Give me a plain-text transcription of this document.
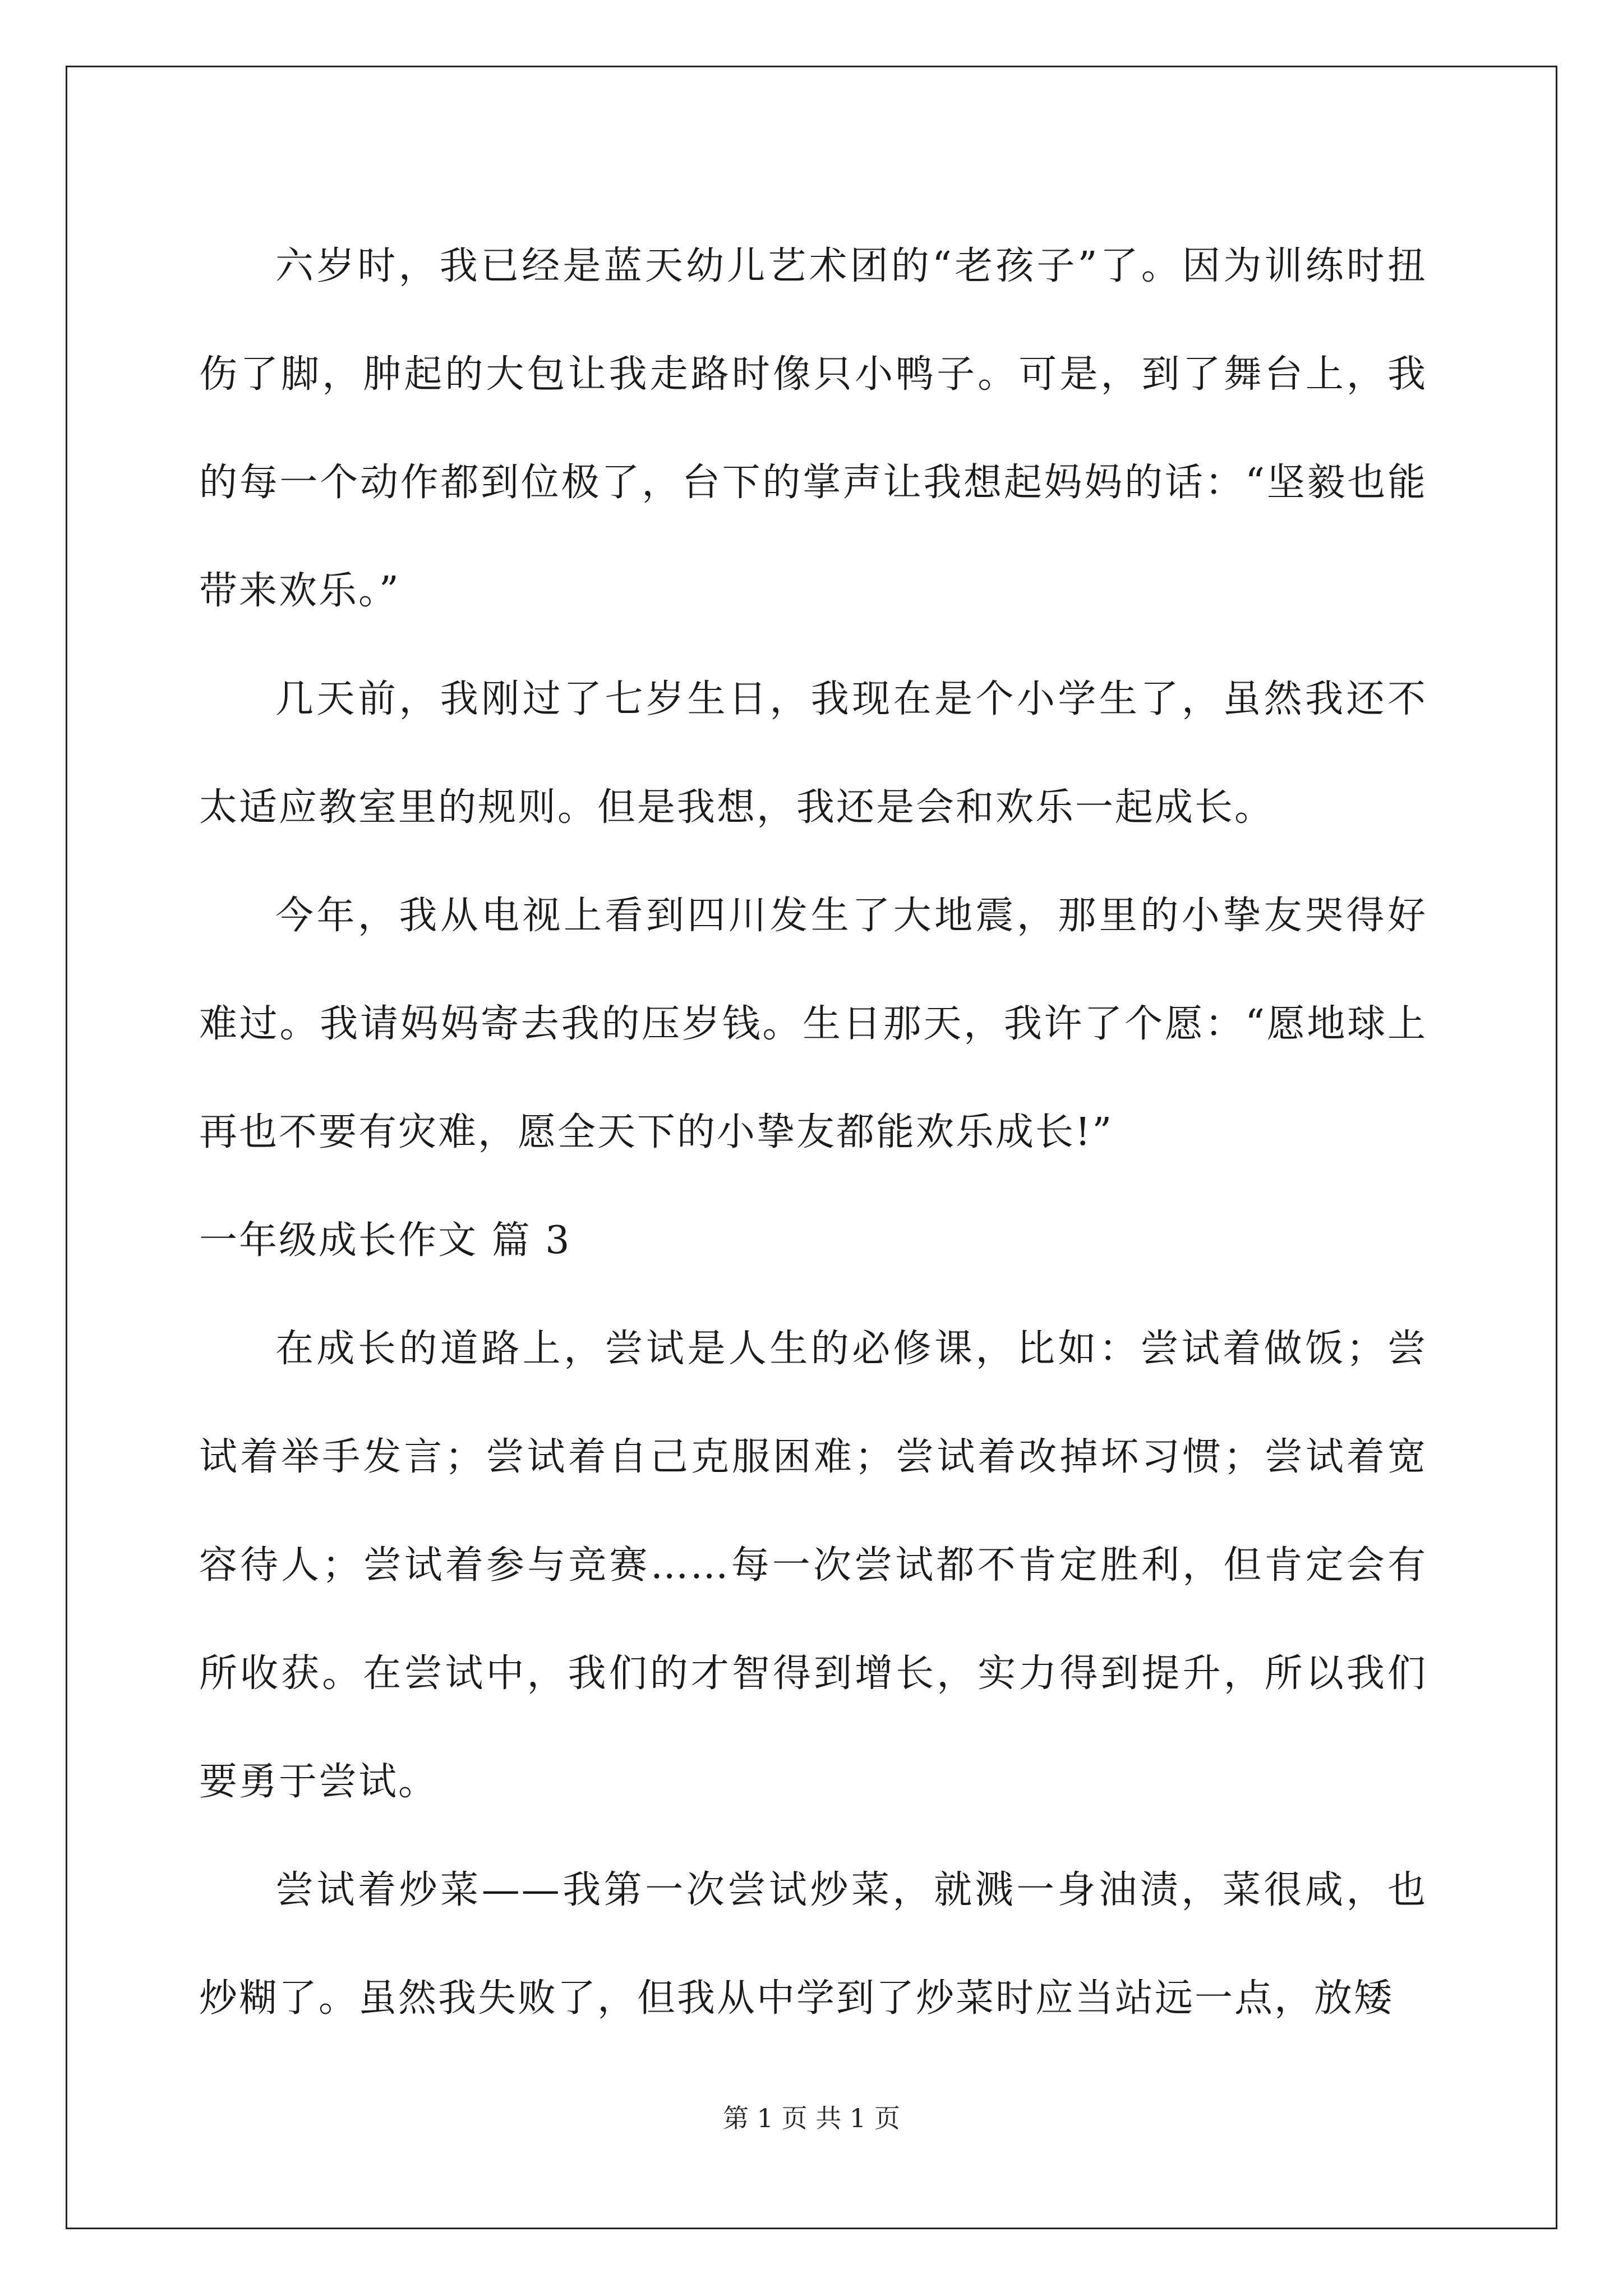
六岁时，我已经是蓝天幼儿艺术团的“老孩子”了。因为训练时扭伤了脚，肿起的大包让我走路时像只小鸭子。可是，到了舞台上，我的每一个动作都到位极了，台下的掌声让我想起妈妈的话：“坚毅也能带来欢乐。”

几天前，我刚过了七岁生日，我现在是个小学生了，虽然我还不太适应教室里的规则。但是我想，我还是会和欢乐一起成长。

今年，我从电视上看到四川发生了大地震，那里的小挚友哭得好难过。我请妈妈寄去我的压岁钱。生日那天，我许了个愿：“愿地球上再也不要有灾难，愿全天下的小挚友都能欢乐成长!”

一年级成长作文 篇 3

在成长的道路上，尝试是人生的必修课，比如：尝试着做饭；尝试着举手发言；尝试着自己克服困难；尝试着改掉坏习惯；尝试着宽容待人；尝试着参与竞赛……每一次尝试都不肯定胜利，但肯定会有所收获。在尝试中，我们的才智得到增长，实力得到提升，所以我们要勇于尝试。

尝试着炒菜——我第一次尝试炒菜，就溅一身油渍，菜很咸，也炒糊了。虽然我失败了，但我从中学到了炒菜时应当站远一点，放矮

第 1 页 共 1 页
